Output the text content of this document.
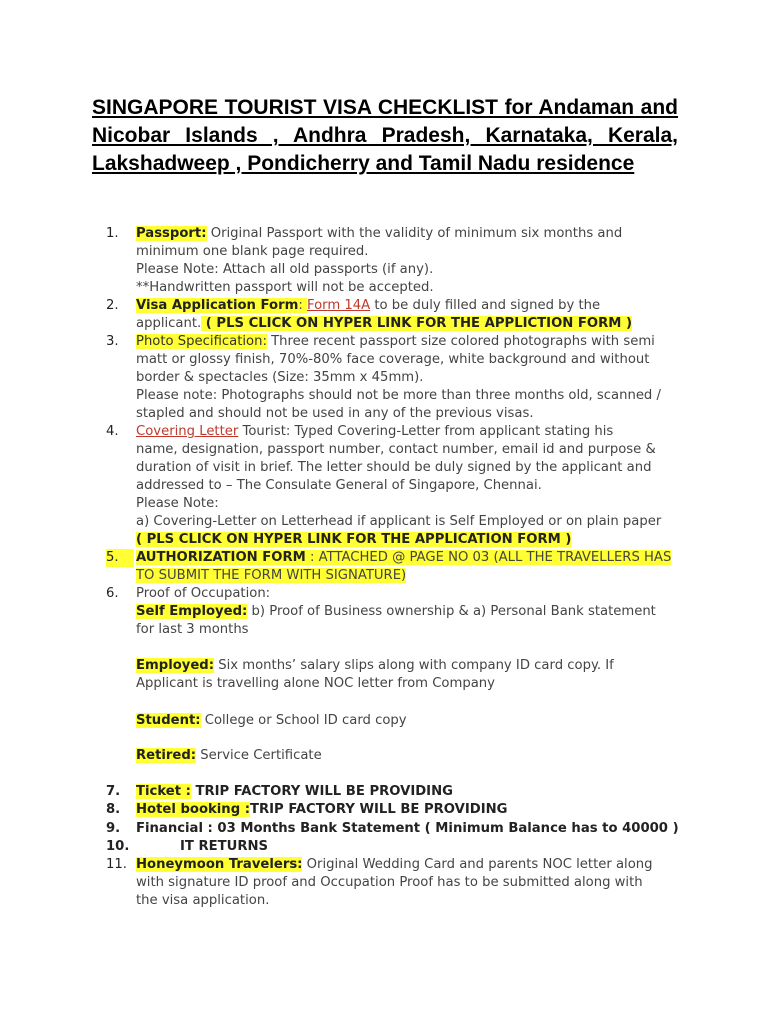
SINGAPORE TOURIST VISA CHECKLIST for Andaman and Nicobar Islands , Andhra Pradesh, Karnataka, Kerala, Lakshadweep , Pondicherry and Tamil Nadu residence
1.	Passport: Original Passport with the validity of minimum six months and
minimum one blank page required.
Please Note: Attach all old passports (if any).
**Handwritten passport will not be accepted.
2.	Visa Application Form: Form 14A to be duly filled and signed by the
applicant. ( PLS CLICK ON HYPER LINK FOR THE APPLICTION FORM )
3.	Photo Specification: Three recent passport size colored photographs with semi
matt or glossy finish, 70%-80% face coverage, white background and without
border & spectacles (Size: 35mm x 45mm).
Please note: Photographs should not be more than three months old, scanned /
stapled and should not be used in any of the previous visas.
4.	Covering Letter Tourist: Typed Covering-Letter from applicant stating his
name, designation, passport number, contact number, email id and purpose &
duration of visit in brief. The letter should be duly signed by the applicant and
addressed to – The Consulate General of Singapore, Chennai.
Please Note:
a) Covering-Letter on Letterhead if applicant is Self Employed or on plain paper
( PLS CLICK ON HYPER LINK FOR THE APPLICATION FORM )
5.	AUTHORIZATION FORM : ATTACHED @ PAGE NO 03 (ALL THE TRAVELLERS HAS
TO SUBMIT THE FORM WITH SIGNATURE)
6.	Proof of Occupation:
Self Employed: b) Proof of Business ownership & a) Personal Bank statement
for last 3 months
Employed: Six months’ salary slips along with company ID card copy. If
Applicant is travelling alone NOC letter from Company
Student: College or School ID card copy
Retired: Service Certificate
7.	Ticket : TRIP FACTORY WILL BE PROVIDING
8.	Hotel booking :TRIP FACTORY WILL BE PROVIDING
9.	Financial : 03 Months Bank Statement ( Minimum Balance has to 40000 )
10.	IT RETURNS
11. Honeymoon Travelers: Original Wedding Card and parents NOC letter along
with signature ID proof and Occupation Proof has to be submitted along with
the visa application.
